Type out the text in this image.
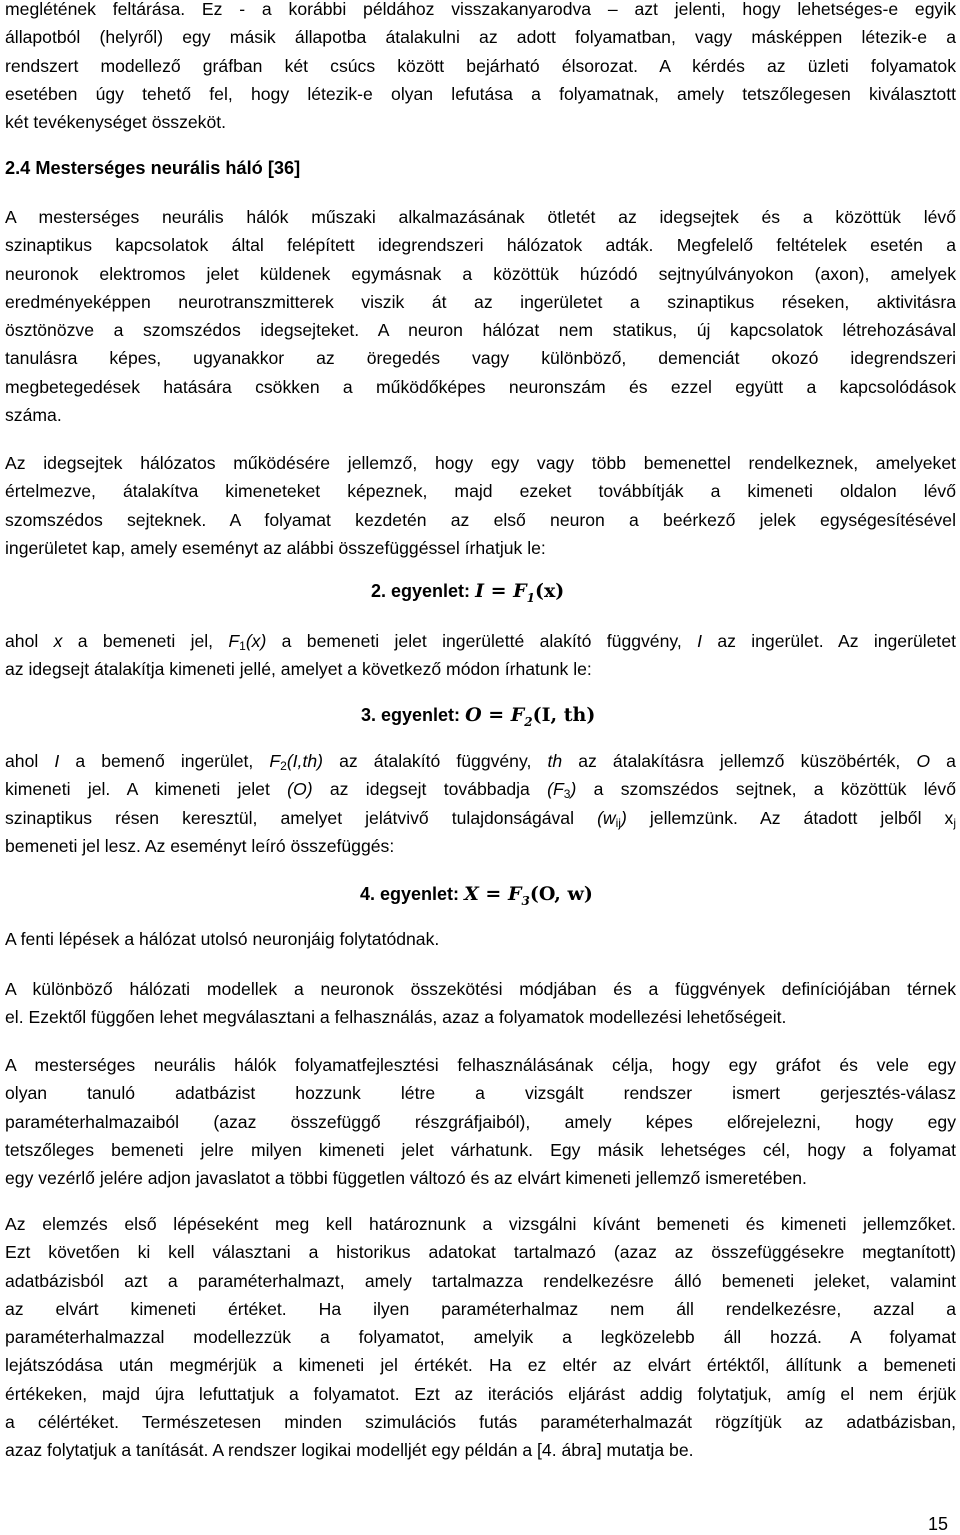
meglétének feltárása. Ez - a korábbi példához visszakanyarodva – azt jelenti, hogy lehetséges-e egyik
állapotból (helyről) egy másik állapotba átalakulni az adott folyamatban, vagy másképpen létezik-e a
rendszert modellező gráfban két csúcs között bejárható élsorozat. A kérdés az üzleti folyamatok
esetében úgy tehető fel, hogy létezik-e olyan lefutása a folyamatnak, amely tetszőlegesen kiválasztott
két tevékenységet összeköt.
2.4 Mesterséges neurális háló [36]
A mesterséges neurális hálók műszaki alkalmazásának ötletét az idegsejtek és a közöttük lévő
szinaptikus kapcsolatok által felépített idegrendszeri hálózatok adták. Megfelelő feltételek esetén a
neuronok elektromos jelet küldenek egymásnak a közöttük húzódó sejtnyúlványokon (axon), amelyek
eredményeképpen neurotranszmitterek viszik át az ingerületet a szinaptikus réseken, aktivitásra
ösztönözve a szomszédos idegsejteket. A neuron hálózat nem statikus, új kapcsolatok létrehozásával
tanulásra képes, ugyanakkor az öregedés vagy különböző, demenciát okozó idegrendszeri
megbetegedések hatására csökken a működőképes neuronszám és ezzel együtt a kapcsolódások
száma.
Az idegsejtek hálózatos működésére jellemző, hogy egy vagy több bemenettel rendelkeznek, amelyeket
értelmezve, átalakítva kimeneteket képeznek, majd ezeket továbbítják a kimeneti oldalon lévő
szomszédos sejteknek. A folyamat kezdetén az első neuron a beérkező jelek egységesítésével
ingerületet kap, amely eseményt az alábbi összefüggéssel írhatjuk le:
2. egyenlet: $I = F_1(x)$
ahol x a bemeneti jel, F1(x) a bemeneti jelet ingerületté alakító függvény, I az ingerület. Az ingerületet
az idegsejt átalakítja kimeneti jellé, amelyet a következő módon írhatunk le:
3. egyenlet: $O = F_2(I$, th)
ahol I a bemenő ingerület, F2(I,th) az átalakító függvény, th az átalakításra jellemző küszöbérték, O a
kimeneti jel. A kimeneti jelet (O) az idegsejt továbbadja (F3) a szomszédos sejtnek, a közöttük lévő
szinaptikus résen keresztül, amelyet jelátvivő tulajdonságával (wij) jellemzünk. Az átadott jelből xj
bemeneti jel lesz. Az eseményt leíró összefüggés:
4. egyenlet: $X = F_3(O$, w)
A fenti lépések a hálózat utolsó neuronjáig folytatódnak.
A különböző hálózati modellek a neuronok összekötési módjában és a függvények definíciójában térnek
el. Ezektől függően lehet megválasztani a felhasználás, azaz a folyamatok modellezési lehetőségeit.
A mesterséges neurális hálók folyamatfejlesztési felhasználásának célja, hogy egy gráfot és vele egy
olyan tanuló adatbázist hozzunk létre a vizsgált rendszer ismert gerjesztés-válasz
paraméterhalmazaiból (azaz összefüggő részgráfjaiból), amely képes előrejelezni, hogy egy
tetszőleges bemeneti jelre milyen kimeneti jelet várhatunk. Egy másik lehetséges cél, hogy a folyamat
egy vezérlő jelére adjon javaslatot a többi független változó és az elvárt kimeneti jellemző ismeretében.
Az elemzés első lépéseként meg kell határoznunk a vizsgálni kívánt bemeneti és kimeneti jellemzőket.
Ezt követően ki kell választani a historikus adatokat tartalmazó (azaz az összefüggésekre megtanított)
adatbázisból azt a paraméterhalmazt, amely tartalmazza rendelkezésre álló bemeneti jeleket, valamint
az elvárt kimeneti értéket. Ha ilyen paraméterhalmaz nem áll rendelkezésre, azzal a
paraméterhalmazzal modellezzük a folyamatot, amelyik a legközelebb áll hozzá. A folyamat
lejátszódása után megmérjük a kimeneti jel értékét. Ha ez eltér az elvárt értéktől, állítunk a bemeneti
értékeken, majd újra lefuttatjuk a folyamatot. Ezt az iterációs eljárást addig folytatjuk, amíg el nem érjük
a célértéket. Természetesen minden szimulációs futás paraméterhalmazát rögzítjük az adatbázisban,
azaz folytatjuk a tanítását. A rendszer logikai modelljét egy példán a [4. ábra] mutatja be.
15
